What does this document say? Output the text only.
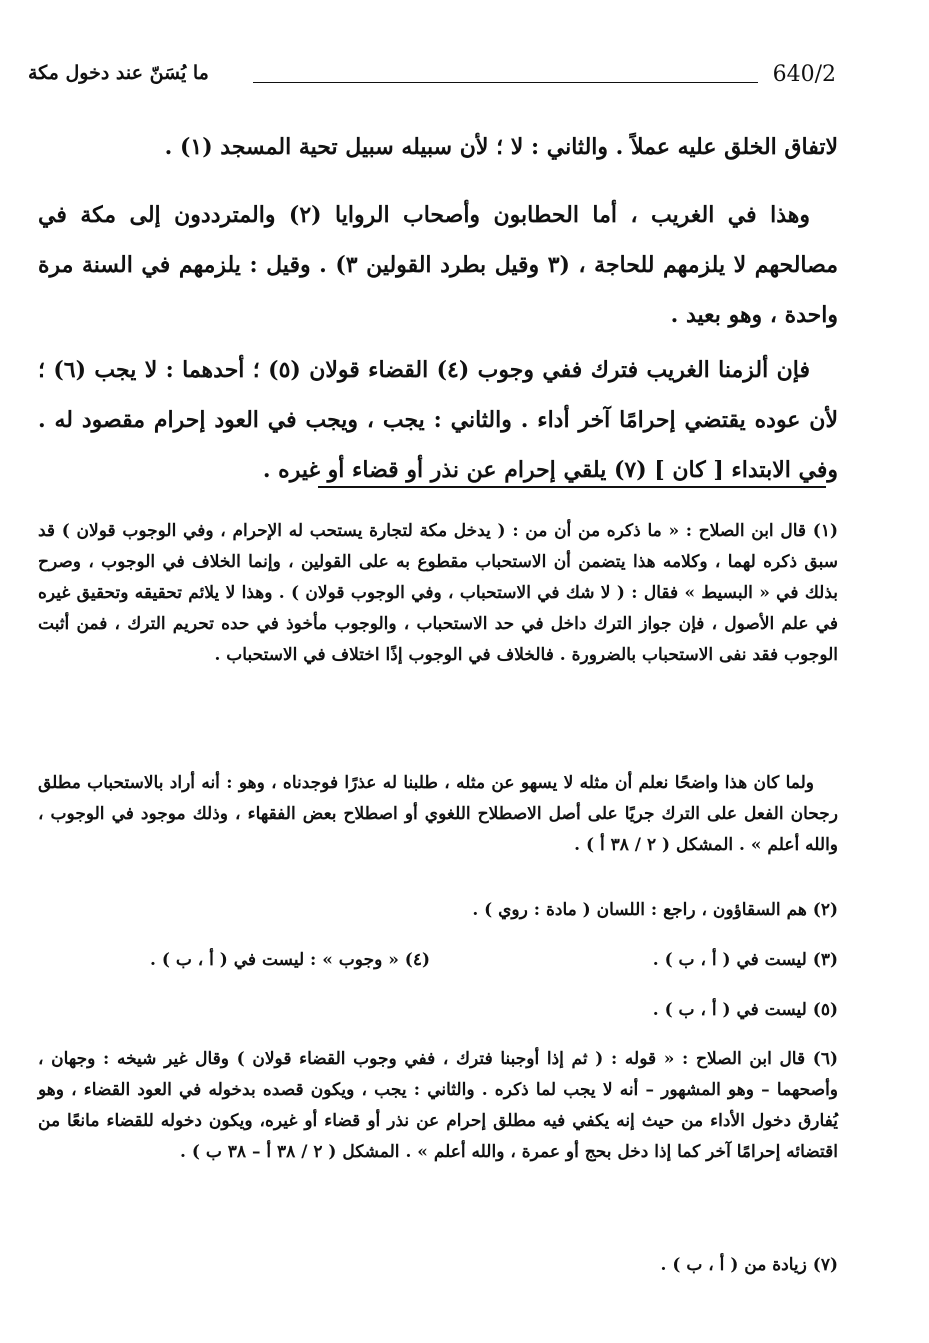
640/2
ما يُسَنّ عند دخول مكة
لاتفاق الخلق عليه عملاً . والثاني : لا ؛ لأن سبيله سبيل تحية المسجد (١) .
وهذا في الغريب ، أما الحطابون وأصحاب الروايا (٢) والمترددون إلى مكة في مصالحهم لا يلزمهم للحاجة ، (٣ وقيل بطرد القولين ٣) . وقيل : يلزمهم في السنة مرة واحدة ، وهو بعيد .
فإن ألزمنا الغريب فترك ففي وجوب (٤) القضاء قولان (٥) ؛ أحدهما : لا يجب (٦) ؛ لأن عوده يقتضي إحرامًا آخر أداء . والثاني : يجب ، ويجب في العود إحرام مقصود له . وفي الابتداء [ كان ] (٧) يلقي إحرام عن نذر أو قضاء أو غيره .
(١) قال ابن الصلاح : « ما ذكره من أن من : ( يدخل مكة لتجارة يستحب له الإحرام ، وفي الوجوب قولان ) قد سبق ذكره لهما ، وكلامه هذا يتضمن أن الاستحباب مقطوع به على القولين ، وإنما الخلاف في الوجوب ، وصرح بذلك في « البسيط » فقال : ( لا شك في الاستحباب ، وفي الوجوب قولان ) . وهذا لا يلائم تحقيقه وتحقيق غيره في علم الأصول ، فإن جواز الترك داخل في حد الاستحباب ، والوجوب مأخوذ في حده تحريم الترك ، فمن أثبت الوجوب فقد نفى الاستحباب بالضرورة . فالخلاف في الوجوب إذًا اختلاف في الاستحباب .
ولما كان هذا واضحًا نعلم أن مثله لا يسهو عن مثله ، طلبنا له عذرًا فوجدناه ، وهو : أنه أراد بالاستحباب مطلق رجحان الفعل على الترك جريًا على أصل الاصطلاح اللغوي أو اصطلاح بعض الفقهاء ، وذلك موجود في الوجوب ، والله أعلم » . المشكل ( ٢ / ٣٨ أ ) .
(٢) هم السقاؤون ، راجع : اللسان ( مادة : روي ) .
(٣) ليست في ( أ ، ب ) .
(٤) « وجوب » : ليست في ( أ ، ب ) .
(٥) ليست في ( أ ، ب ) .
(٦) قال ابن الصلاح : « قوله : ( ثم إذا أوجبنا فترك ، ففي وجوب القضاء قولان ) وقال غير شيخه : وجهان ، وأصحهما – وهو المشهور – أنه لا يجب لما ذكره . والثاني : يجب ، ويكون قصده بدخوله في العود القضاء ، وهو يُفارق دخول الأداء من حيث إنه يكفي فيه مطلق إحرام عن نذر أو قضاء أو غيره، ويكون دخوله للقضاء مانعًا من اقتضائه إحرامًا آخر كما إذا دخل بحج أو عمرة ، والله أعلم » . المشكل ( ٢ / ٣٨ أ – ٣٨ ب ) .
(٧) زيادة من ( أ ، ب ) .
